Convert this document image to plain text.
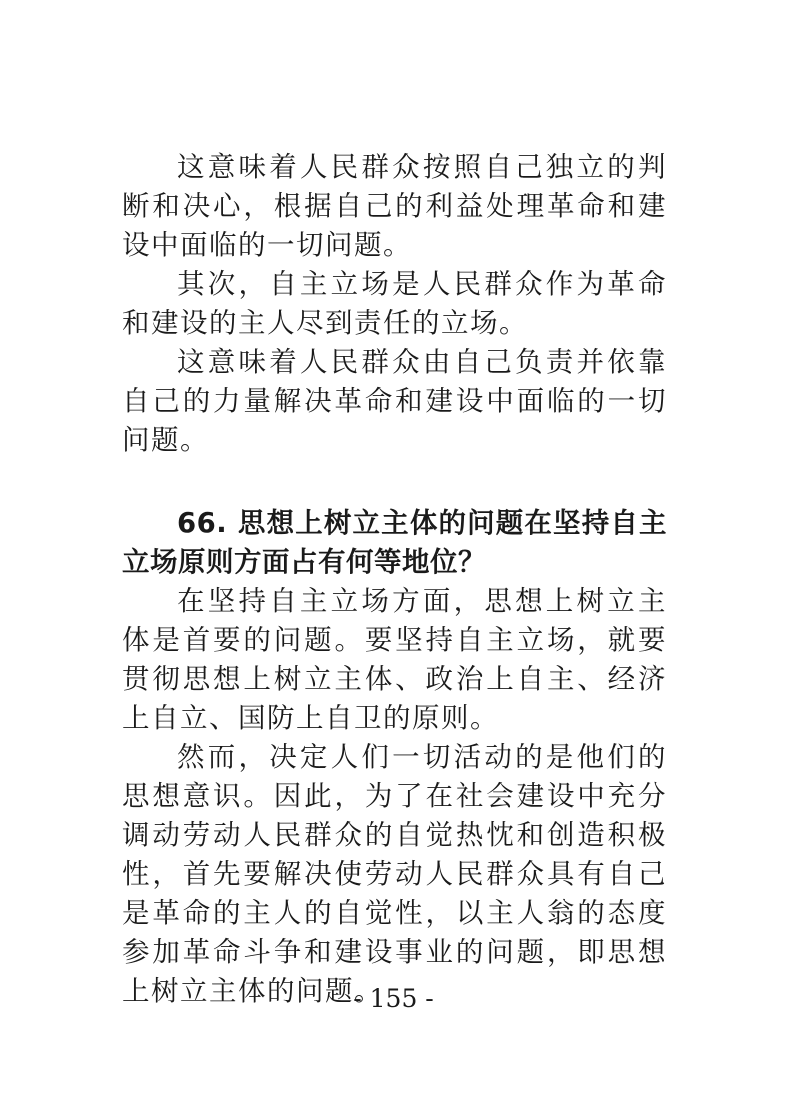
这意味着人民群众按照自己独立的判断和决心，根据自己的利益处理革命和建设中面临的一切问题。

其次，自主立场是人民群众作为革命和建设的主人尽到责任的立场。

这意味着人民群众由自己负责并依靠自己的力量解决革命和建设中面临的一切问题。

66. 思想上树立主体的问题在坚持自主立场原则方面占有何等地位？

在坚持自主立场方面，思想上树立主体是首要的问题。要坚持自主立场，就要贯彻思想上树立主体、政治上自主、经济上自立、国防上自卫的原则。

然而，决定人们一切活动的是他们的思想意识。因此，为了在社会建设中充分调动劳动人民群众的自觉热忱和创造积极性，首先要解决使劳动人民群众具有自己是革命的主人的自觉性，以主人翁的态度参加革命斗争和建设事业的问题，即思想上树立主体的问题。

- 155 -
